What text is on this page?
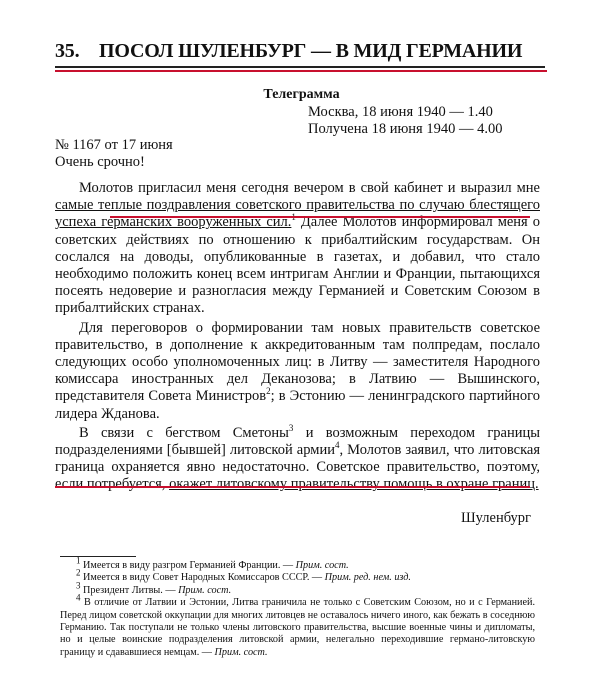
35. ПОСОЛ ШУЛЕНБУРГ — В МИД ГЕРМАНИИ
Телеграмма
Москва, 18 июня 1940 — 1.40
Получена 18 июня 1940 — 4.00
№ 1167 от 17 июня
Очень срочно!

Молотов пригласил меня сегодня вечером в свой кабинет и выразил мне самые теплые поздравления советского правительства по случаю блестящего успеха германских вооруженных сил.$^1$ Далее Молотов информировал меня о советских действиях по отношению к прибалтийским государствам. Он сослался на доводы, опубликованные в газетах, и добавил, что стало необходимо положить конец всем интригам Англии и Франции, пытающихся посеять недоверие и разногласия между Германией и Советским Союзом в прибалтийских странах.

Для переговоров о формировании там новых правительств советское правительство, в дополнение к аккредитованным там полпредам, послало следующих особо уполномоченных лиц: в Литву — заместителя Народного комиссара иностранных дел Деканозова; в Латвию — Вышинского, представителя Совета Министров$^2$; в Эстонию — ленинградского партийного лидера Жданова.

В связи с бегством Сметоны$^3$ и возможным переходом границы подразделениями [бывшей] литовской армии$^4$, Молотов заявил, что литовская граница охраняется явно недостаточно. Советское правительство, поэтому, если потребуется, окажет литовскому правительству помощь в охране границ.

Шуленбург

$^1$ Имеется в виду разгром Германией Франции. — Прим. сост.

$^2$ Имеется в виду Совет Народных Комиссаров СССР. — Прим. ред. нем. изд.

$^3$ Президент Литвы. — Прим. сост.

$^4$ В отличие от Латвии и Эстонии, Литва граничила не только с Советским Союзом, но и с Германией. Перед лицом советской оккупации для многих литовцев не оставалось ничего иного, как бежать в соседнюю Германию. Так поступали не только члены литовского правительства, высшие военные чины и дипломаты, но и целые воинские подразделения литовской армии, нелегально переходившие германо-литовскую границу и сдававшиеся немцам. — Прим. сост.
